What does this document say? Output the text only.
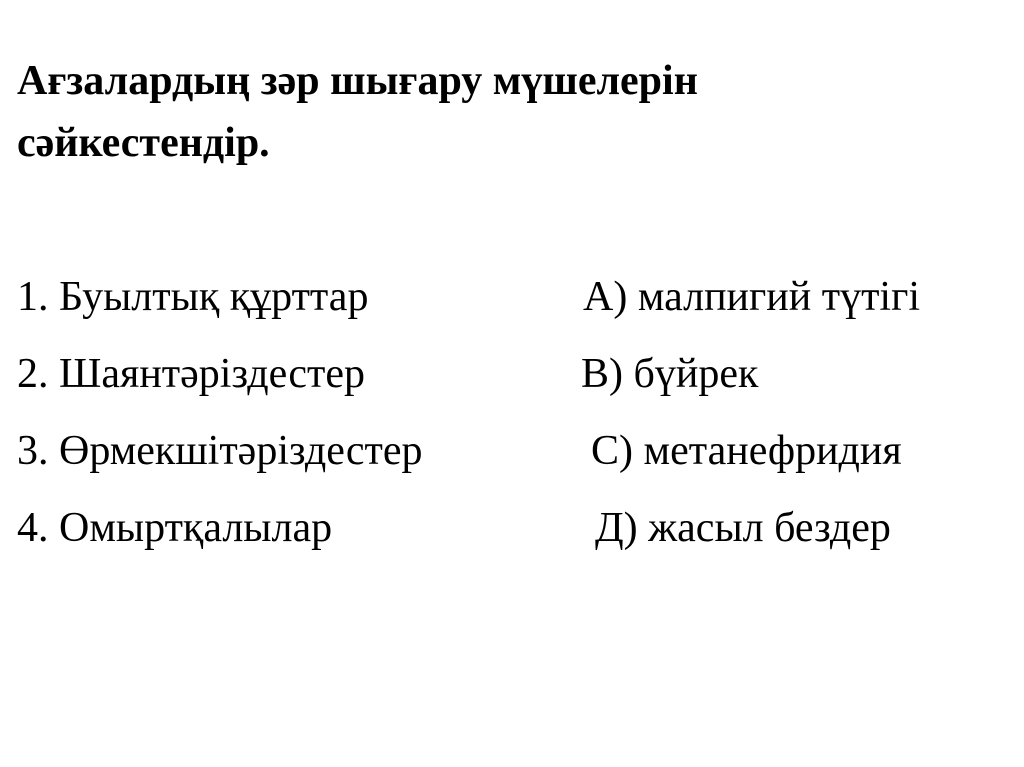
Ағзалардың зәр шығару мүшелерін
сәйкестендір.
1. Буылтық құрттар	А) малпигий түтігі
2. Шаянтәріздестер	В) бүйрек
3. Өрмекшітәріздестер	С) метанефридия
4. Омыртқалылар	Д) жасыл бездер
